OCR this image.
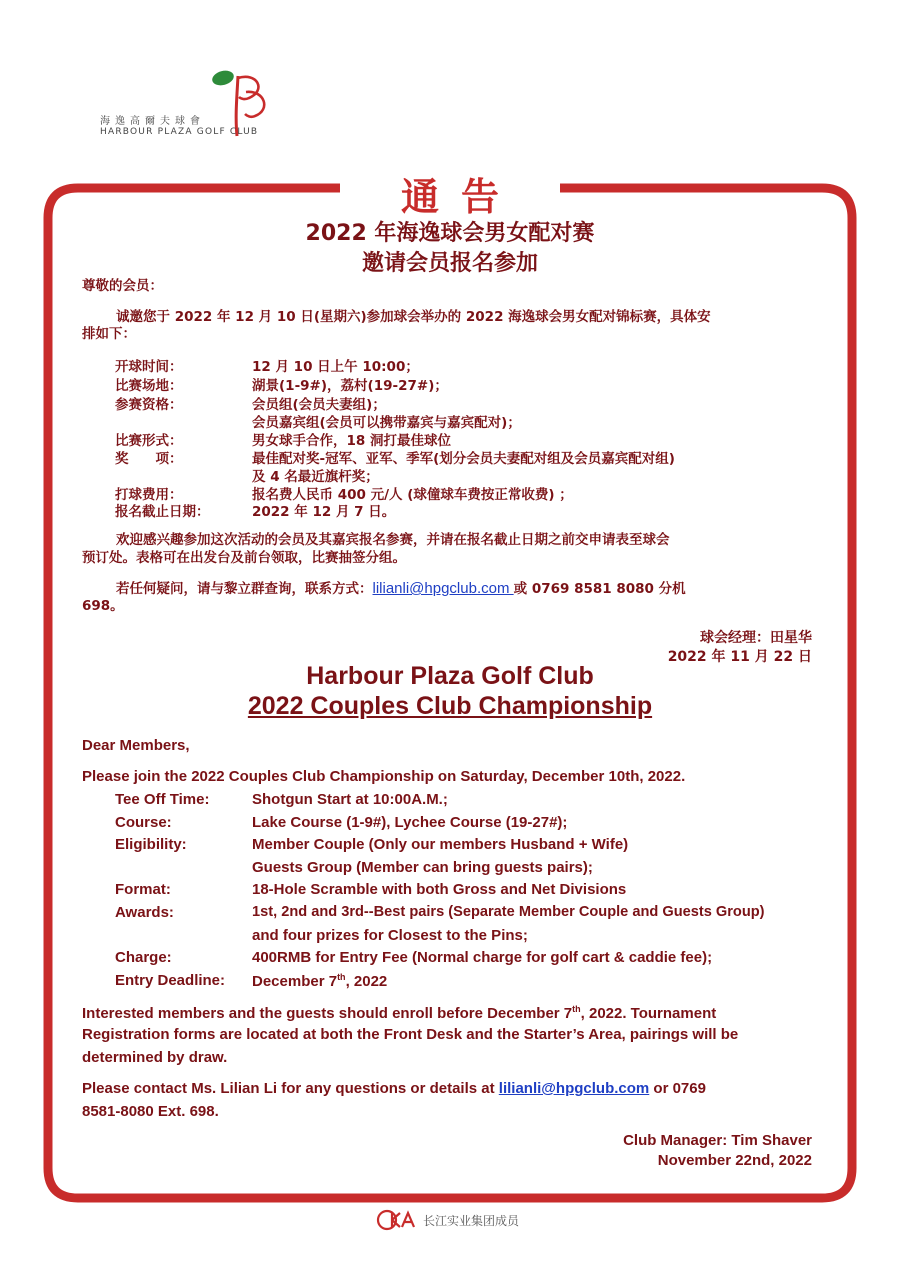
海逸高爾夫球會
HARBOUR PLAZA GOLF CLUB
通告
2022 年海逸球会男女配对赛
邀请会员报名参加
尊敬的会员：
诚邀您于 2022 年 12 月 10 日(星期六)参加球会举办的 2022 海逸球会男女配对锦标赛，具体安
排如下：
开球时间：	12 月 10 日上午 10:00；
比赛场地：	湖景(1-9#)，荔村(19-27#)；
参赛资格：	会员组(会员夫妻组)；
会员嘉宾组(会员可以携带嘉宾与嘉宾配对)；
比赛形式：	男女球手合作，18 洞打最佳球位
奖　　项：	最佳配对奖-冠军、亚军、季军(划分会员夫妻配对组及会员嘉宾配对组)
及 4 名最近旗杆奖；
打球费用：	报名费人民币 400 元/人 (球僮球车费按正常收费) ；
报名截止日期：	2022 年 12 月 7 日。
欢迎感兴趣参加这次活动的会员及其嘉宾报名参赛，并请在报名截止日期之前交申请表至球会
预订处。表格可在出发台及前台领取，比赛抽签分组。
若任何疑问，请与黎立群查询，联系方式：lilianli@hpgclub.com 或 0769 8581 8080 分机
698。
球会经理：田星华
2022 年 11 月 22 日
Harbour Plaza Golf Club
2022 Couples Club Championship
Dear Members,
Please join the 2022 Couples Club Championship on Saturday, December 10th, 2022.
Tee Off Time:	Shotgun Start at 10:00A.M.;
Course:	Lake Course (1-9#), Lychee Course (19-27#);
Eligibility:	Member Couple (Only our members Husband + Wife)
Guests Group (Member can bring guests pairs);
Format:	18-Hole Scramble with both Gross and Net Divisions
Awards:	1st, 2nd and 3rd--Best pairs (Separate Member Couple and Guests Group)
and four prizes for Closest to the Pins;
Charge:	400RMB for Entry Fee (Normal charge for golf cart & caddie fee);
Entry Deadline: December 7th, 2022
Interested members and the guests should enroll before December 7th, 2022. Tournament
Registration forms are located at both the Front Desk and the Starter’s Area, pairings will be
determined by draw.
Please contact Ms. Lilian Li for any questions or details at lilianli@hpgclub.com or 0769
8581-8080 Ext. 698.
Club Manager: Tim Shaver
November 22nd, 2022
长江实业集团成员
